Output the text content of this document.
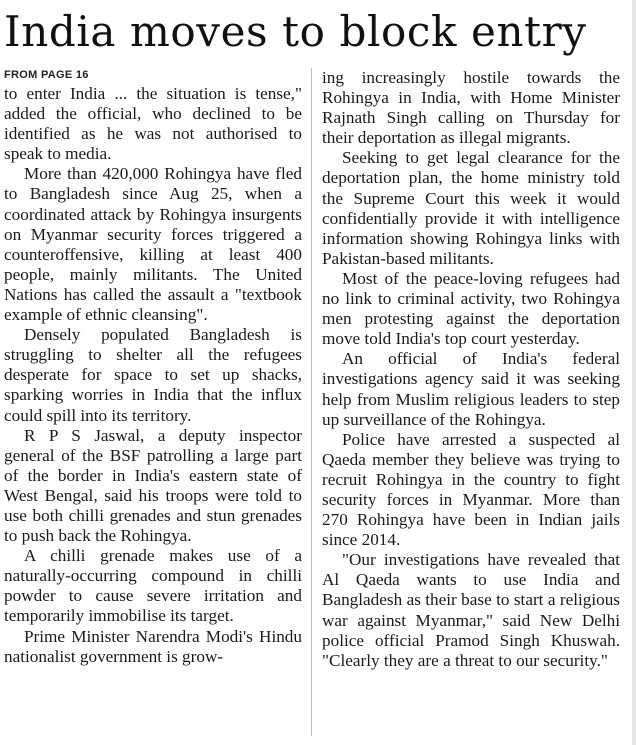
India moves to block entry
FROM PAGE 16

to enter India ... the situation is tense," added the official, who declined to be identified as he was not authorised to speak to media.

More than 420,000 Rohingya have fled to Bangladesh since Aug 25, when a coordinated attack by Rohingya insurgents on Myanmar security forces triggered a counteroffensive, killing at least 400 people, mainly militants. The United Nations has called the assault a "textbook example of ethnic cleansing".

Densely populated Bangladesh is struggling to shelter all the refugees desperate for space to set up shacks, sparking worries in India that the influx could spill into its territory.

R P S Jaswal, a deputy inspector general of the BSF patrolling a large part of the border in India's eastern state of West Bengal, said his troops were told to use both chilli grenades and stun grenades to push back the Rohingya.

A chilli grenade makes use of a naturally-occurring compound in chilli powder to cause severe irritation and temporarily immobilise its target.

Prime Minister Narendra Modi's Hindu nationalist government is grow-

ing increasingly hostile towards the Rohingya in India, with Home Minister Rajnath Singh calling on Thursday for their deportation as illegal migrants.

Seeking to get legal clearance for the deportation plan, the home ministry told the Supreme Court this week it would confidentially provide it with intelligence information showing Rohingya links with Pakistan-based militants.

Most of the peace-loving refugees had no link to criminal activity, two Rohingya men protesting against the deportation move told India's top court yesterday.

An official of India's federal investigations agency said it was seeking help from Muslim religious leaders to step up surveillance of the Rohingya.

Police have arrested a suspected al Qaeda member they believe was trying to recruit Rohingya in the country to fight security forces in Myanmar. More than 270 Rohingya have been in Indian jails since 2014.

"Our investigations have revealed that Al Qaeda wants to use India and Bangladesh as their base to start a religious war against Myanmar," said New Delhi police official Pramod Singh Khuswah. "Clearly they are a threat to our security."
